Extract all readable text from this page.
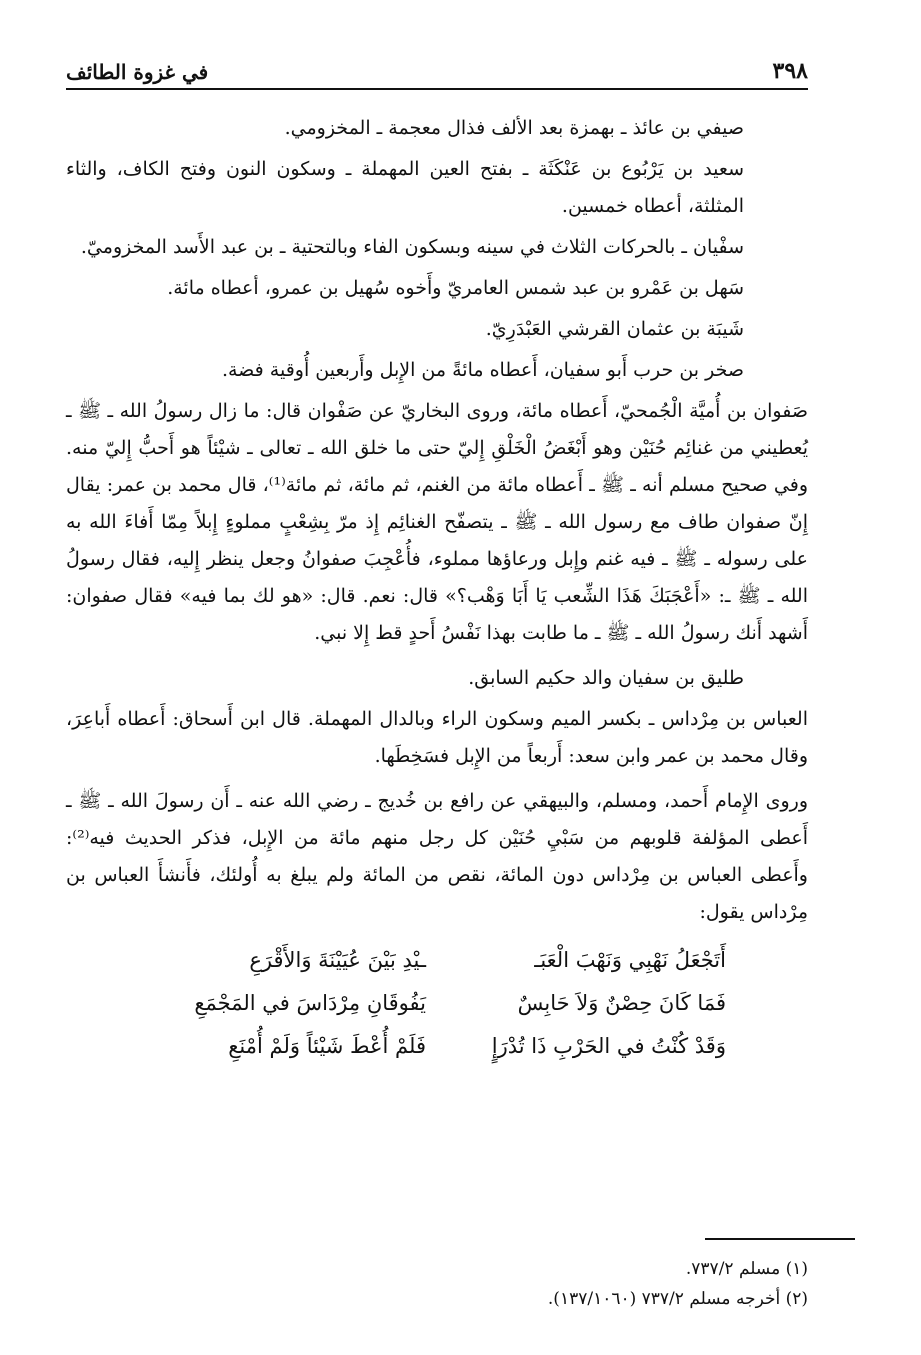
٣٩٨
في غزوة الطائف

صيفي بن عائذ ـ بهمزة بعد الألف فذال معجمة ـ المخزومي.

سعيد بن يَرْبُوع بن عَنْكَثَة ـ بفتح العين المهملة ـ وسكون النون وفتح الكاف، والثاء المثلثة، أعطاه خمسين.

سفْيان ـ بالحركات الثلاث في سينه وبسكون الفاء وبالتحتية ـ بن عبد الأَسد المخزوميّ.

سَهل بن عَمْرو بن عبد شمس العامريّ وأَخوه سُهيل بن عمرو، أعطاه مائة.

شَيبَة بن عثمان القرشي العَبْدَرِيّ.

صخر بن حرب أَبو سفيان، أَعطاه مائةً من الإِبل وأَربعين أُوقية فضة.

صَفوان بن أُميَّة الْجُمحيّ، أَعطاه مائة، وروى البخاريّ عن صَفْوان قال: ما زال رسولُ الله ـ ﷺ ـ يُعطيني من غنائِم حُنَيْن وهو أَبْغَضُ الْخَلْقِ إِليّ حتى ما خلق الله ـ تعالى ـ شيْئاً هو أَحبُّ إِليّ منه. وفي صحيح مسلم أنه ـ ﷺ ـ أَعطاه مائة من الغنم، ثم مائة، ثم مائة⁽¹⁾، قال محمد بن عمر: يقال إِنّ صفوان طاف مع رسول الله ـ ﷺ ـ يتصفّح الغنائِم إِذ مرّ بِشِعْبٍ مملوءٍ إِبلاً مِمّا أَفاءَ الله به على رسوله ـ ﷺ ـ فيه غنم وإِبل ورعاؤها مملوء، فأُعْجِبَ صفوانُ وجعل ينظر إِليه، فقال رسولُ الله ـ ﷺ ـ: «أَعْجَبَكَ هَذَا الشِّعب يَا أَبَا وَهْب؟» قال: نعم. قال: «هو لك بما فيه» فقال صفوان: أَشهد أَنك رسولُ الله ـ ﷺ ـ ما طابت بهذا نَفْسُ أَحدٍ قط إِلا نبي.

طليق بن سفيان والد حكيم السابق.

العباس بن مِرْداس ـ بكسر الميم وسكون الراء وبالدال المهملة. قال ابن أَسحاق: أَعطاه أَباعِرَ، وقال محمد بن عمر وابن سعد: أَربعاً من الإِبل فسَخِطَها.

وروى الإِمام أَحمد، ومسلم، والبيهقي عن رافع بن خُديج ـ رضي الله عنه ـ أَن رسولَ الله ـ ﷺ ـ أَعطى المؤلفة قلوبهم من سَبْيِ حُنَيْن كل رجل منهم مائة من الإِبل، فذكر الحديث فيه⁽²⁾: وأَعطى العباس بن مِرْداس دون المائة، نقص من المائة ولم يبلغ به أُولئك، فأَنشأَ العباس بن مِرْداس يقول:

أَتَجْعَلُ نَهْبِي وَنَهْبَ الْعَبَـ
ـيْدِ بَيْنَ عُيَيْنَةَ وَالأَقْرَعِ
فَمَا كَانَ حِصْنٌ وَلاَ حَابِسٌ
يَفُوقَانِ مِرْدَاسَ في المَجْمَعِ
وَقَدْ كُنْتُ في الحَرْبِ ذَا تُدْرَإٍ
فَلَمْ أُعْطَ شَيْئاً وَلَمْ أُمْنَعِ

(١) مسلم ٧٣٧/٢.

(٢) أخرجه مسلم ٧٣٧/٢ (١٣٧/١٠٦٠).
